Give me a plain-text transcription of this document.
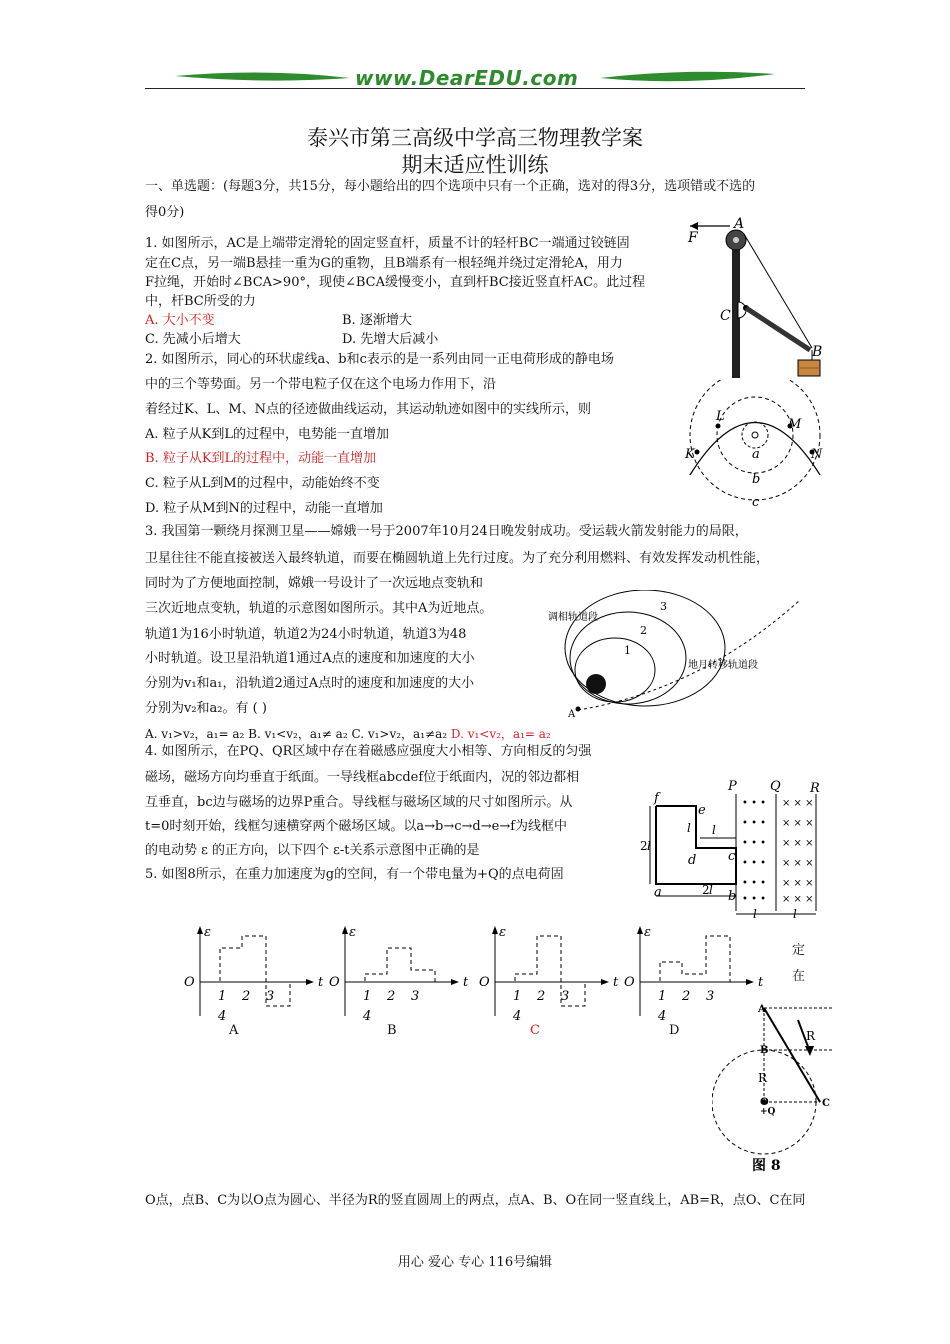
www.DearEDU.com
泰兴市第三高级中学高三物理教学案
期末适应性训练
一、单选题：(每题3分，共15分，每小题给出的四个选项中只有一个正确，选对的得3分，选项错或不选的
得0分)
1. 如图所示，AC是上端带定滑轮的固定竖直杆，质量不计的轻杆BC一端通过铰链固
定在C点，另一端B悬挂一重为G的重物，且B端系有一根轻绳并绕过定滑轮A，用力
F拉绳，开始时∠BCA>90°，现使∠BCA缓慢变小，直到杆BC接近竖直杆AC。此过程
中，杆BC所受的力
A. 大小不变	B. 逐渐增大
C. 先减小后增大	D. 先增大后减小
A
F
C
B
2. 如图所示，同心的环状虚线a、b和c表示的是一系列由同一正电荷形成的静电场
中的三个等势面。另一个带电粒子仅在这个电场力作用下，沿
着经过K、L、M、N点的径迹做曲线运动，其运动轨迹如图中的实线所示，则
A. 粒子从K到L的过程中，电势能一直增加
B. 粒子从K到L的过程中，动能一直增加
C. 粒子从L到M的过程中，动能始终不变
D. 粒子从M到N的过程中，动能一直增加
K
L
M
N
a
b
c
3. 我国第一颗绕月探测卫星——嫦娥一号于2007年10月24日晚发射成功。受运载火箭发射能力的局限，
卫星往往不能直接被送入最终轨道，而要在椭圆轨道上先行过度。为了充分利用燃料、有效发挥发动机性能，
同时为了方便地面控制，嫦娥一号设计了一次远地点变轨和
三次近地点变轨，轨道的示意图如图所示。其中A为近地点。
轨道1为16小时轨道，轨道2为24小时轨道，轨道3为48
小时轨道。设卫星沿轨道1通过A点的速度和加速度的大小
分别为v₁和a₁，沿轨道2通过A点时的速度和加速度的大小
分别为v₂和a₂。有 ( )
A. v₁>v₂，a₁= a₂ B. v₁<v₂，a₁≠ a₂ C. v₁>v₂，a₁≠a₂ D. v₁<v₂，a₁= a₂
调相轨道段
地月转移轨道段
1
2
3
A
4. 如图所示，在PQ、QR区域中存在着磁感应强度大小相等、方向相反的匀强
磁场，磁场方向均垂直于纸面。一导线框abcdef位于纸面内，况的邻边都相
互垂直，bc边与磁场的边界P重合。导线框与磁场区域的尺寸如图所示。从
t=0时刻开始，线框匀速横穿两个磁场区域。以a→b→c→d→e→f为线框中
的电动势 ε 的正方向，以下四个 ε-t关系示意图中正确的是
5. 如图8所示，在重力加速度为g的空间，有一个带电量为+Q的点电荷固
• • •
• • •
• • •
• • •
• • •
• • •
× × ×
× × ×
× × ×
× × ×
× × ×
× × ×
P	Q R
f
e
d c
a	b
2 l
2 l
l l
l	l
ε
t
O
1 2 3
4
ε
t
O
1 2 3
4
ε
t
O
1 2 3
4
ε
t
O
1 2 3
4
A	B	C	D
定
在
A
B
O
+Q
C
R
R
图 8
O点，点B、C为以O点为圆心、半径为R的竖直圆周上的两点，点A、B、O在同一竖直线上，AB=R，点O、C在同
用心 爱心 专心 116号编辑
